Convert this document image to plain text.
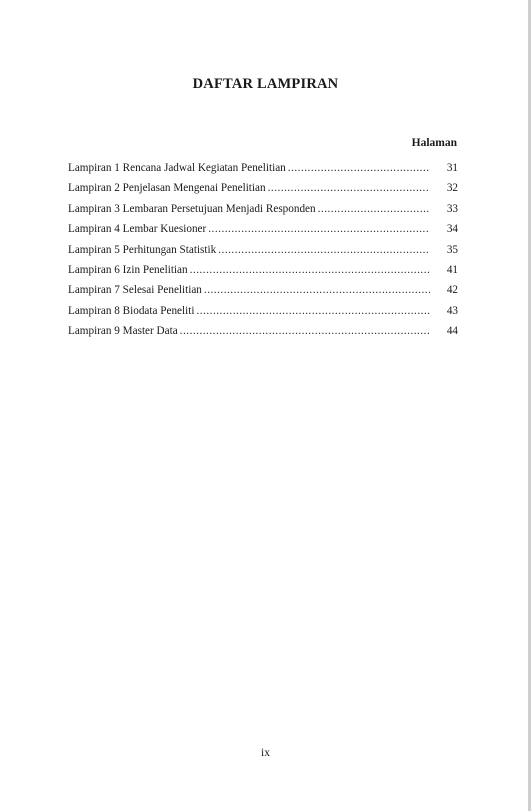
DAFTAR LAMPIRAN
Halaman
Lampiran 1 Rencana Jadwal Kegiatan Penelitian .....	31
Lampiran 2 Penjelasan Mengenai Penelitian .....	32
Lampiran 3 Lembaran Persetujuan Menjadi Responden .....	33
Lampiran 4 Lembar Kuesioner .....	34
Lampiran 5 Perhitungan Statistik .....	35
Lampiran 6 Izin Penelitian .....	41
Lampiran 7 Selesai Penelitian .....	42
Lampiran 8 Biodata Peneliti .....	43
Lampiran 9 Master Data .....	44
ix
